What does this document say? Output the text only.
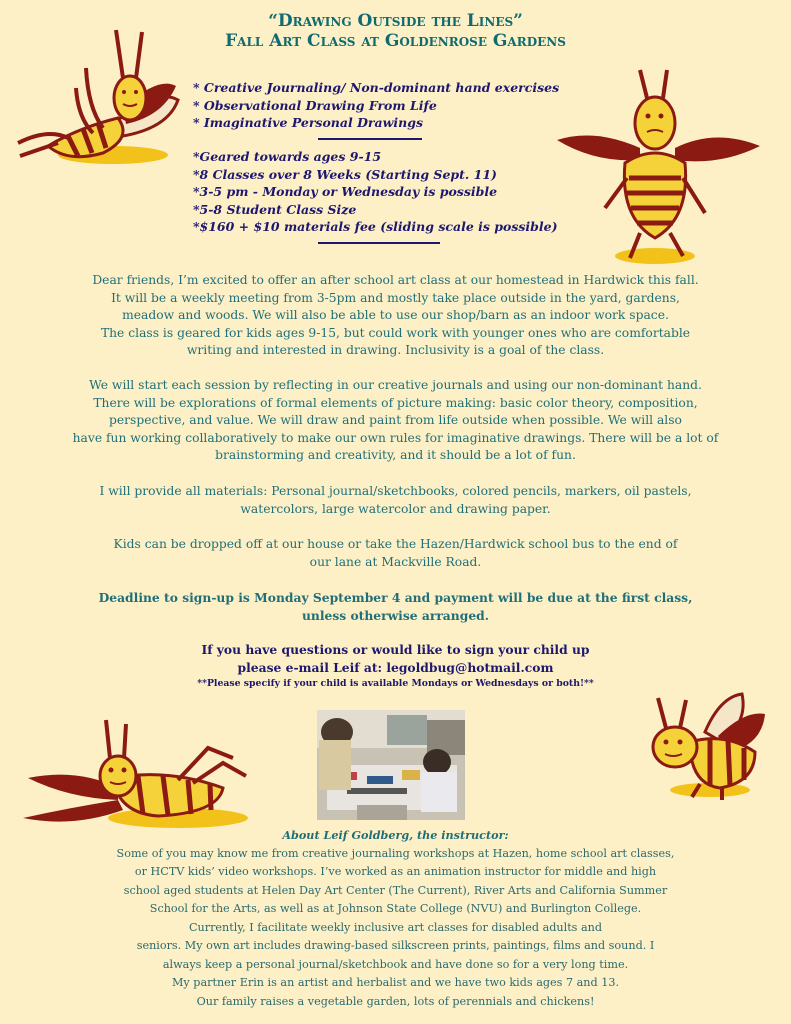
“Drawing Outside the Lines”
Fall Art Class at Goldenrose Gardens
* Creative Journaling/ Non-dominant hand exercises
* Observational Drawing From Life
* Imaginative Personal Drawings
*Geared towards ages 9-15
*8 Classes over 8 Weeks (Starting Sept. 11)
*3-5 pm - Monday or Wednesday is possible
*5-8 Student Class Size
*$160 + $10 materials fee (sliding scale is possible)
Dear friends, I’m excited to offer an after school art class at our homestead in Hardwick this fall.
It will be a weekly meeting from 3-5pm and mostly take place outside in the yard, gardens,
meadow and woods. We will also be able to use our shop/barn as an indoor work space.
The class is geared for kids ages 9-15, but could work with younger ones who are comfortable
writing and interested in drawing. Inclusivity is a goal of the class.
We will start each session by reflecting in our creative journals and using our non-dominant hand.
There will be explorations of formal elements of picture making: basic color theory, composition,
perspective, and value. We will draw and paint from life outside when possible. We will also
have fun working collaboratively to make our own rules for imaginative drawings. There will be a lot of
brainstorming and creativity, and it should be a lot of fun.
I will provide all materials: Personal journal/sketchbooks, colored pencils, markers, oil pastels,
watercolors, large watercolor and drawing paper.
Kids can be dropped off at our house or take the Hazen/Hardwick school bus to the end of
our lane at Mackville Road.
Deadline to sign-up is Monday September 4 and payment will be due at the first class,
unless otherwise arranged.
If you have questions or would like to sign your child up
please e-mail Leif at: legoldbug@hotmail.com
**Please specify if your child is available Mondays or Wednesdays or both!**
About Leif Goldberg, the instructor:
Some of you may know me from creative journaling workshops at Hazen, home school art classes,
or HCTV kids’ video workshops. I’ve worked as an animation instructor for middle and high
school aged students at Helen Day Art Center (The Current), River Arts and California Summer
School for the Arts, as well as at Johnson State College (NVU) and Burlington College.
Currently, I facilitate weekly inclusive art classes for disabled adults and
seniors. My own art includes drawing-based silkscreen prints, paintings, films and sound. I
always keep a personal journal/sketchbook and have done so for a very long time.
My partner Erin is an artist and herbalist and we have two kids ages 7 and 13.
Our family raises a vegetable garden, lots of perennials and chickens!
